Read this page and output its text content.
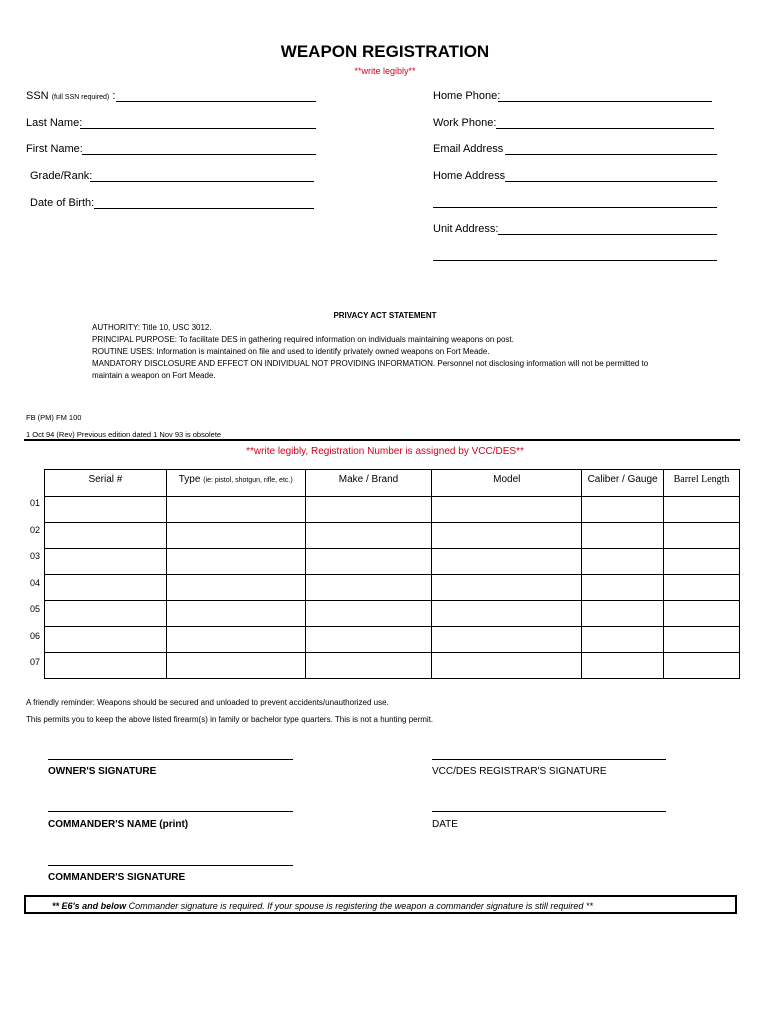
WEAPON REGISTRATION
**write legibly**
SSN (full SSN required) :
Last Name:
First Name:
Grade/Rank:
Date of Birth:
Home Phone:
Work Phone:
Email Address
Home Address
Unit Address:
PRIVACY ACT STATEMENT
AUTHORITY: Title 10, USC 3012.
PRINCIPAL PURPOSE: To facilitate DES in gathering required information on individuals maintaining weapons on post.
ROUTINE USES: Information is maintained on file and used to identify privately owned weapons on Fort Meade.
MANDATORY DISCLOSURE AND EFFECT ON INDIVIDUAL NOT PROVIDING INFORMATION. Personnel not disclosing information will not be permitted to
maintain a weapon on Fort Meade.
FB (PM) FM 100
1 Oct 94 (Rev) Previous edition dated 1 Nov 93 is obsolete
**write legibly, Registration Number is assigned by VCC/DES**
Serial #	Type (ie: pistol, shotgun, rifle, etc.)	Make / Brand	Model	Caliber / Gauge	Barrel Length

01
02
03
04
05
06
07
A friendly reminder: Weapons should be secured and unloaded to prevent accidents/unauthorized use.
This permits you to keep the above listed firearm(s) in family or bachelor type quarters. This is not a hunting permit.
OWNER'S SIGNATURE	VCC/DES REGISTRAR'S SIGNATURE
COMMANDER'S NAME (print)	DATE
COMMANDER'S SIGNATURE
** E6's and below Commander signature is required. If your spouse is registering the weapon a commander signature is still required **
